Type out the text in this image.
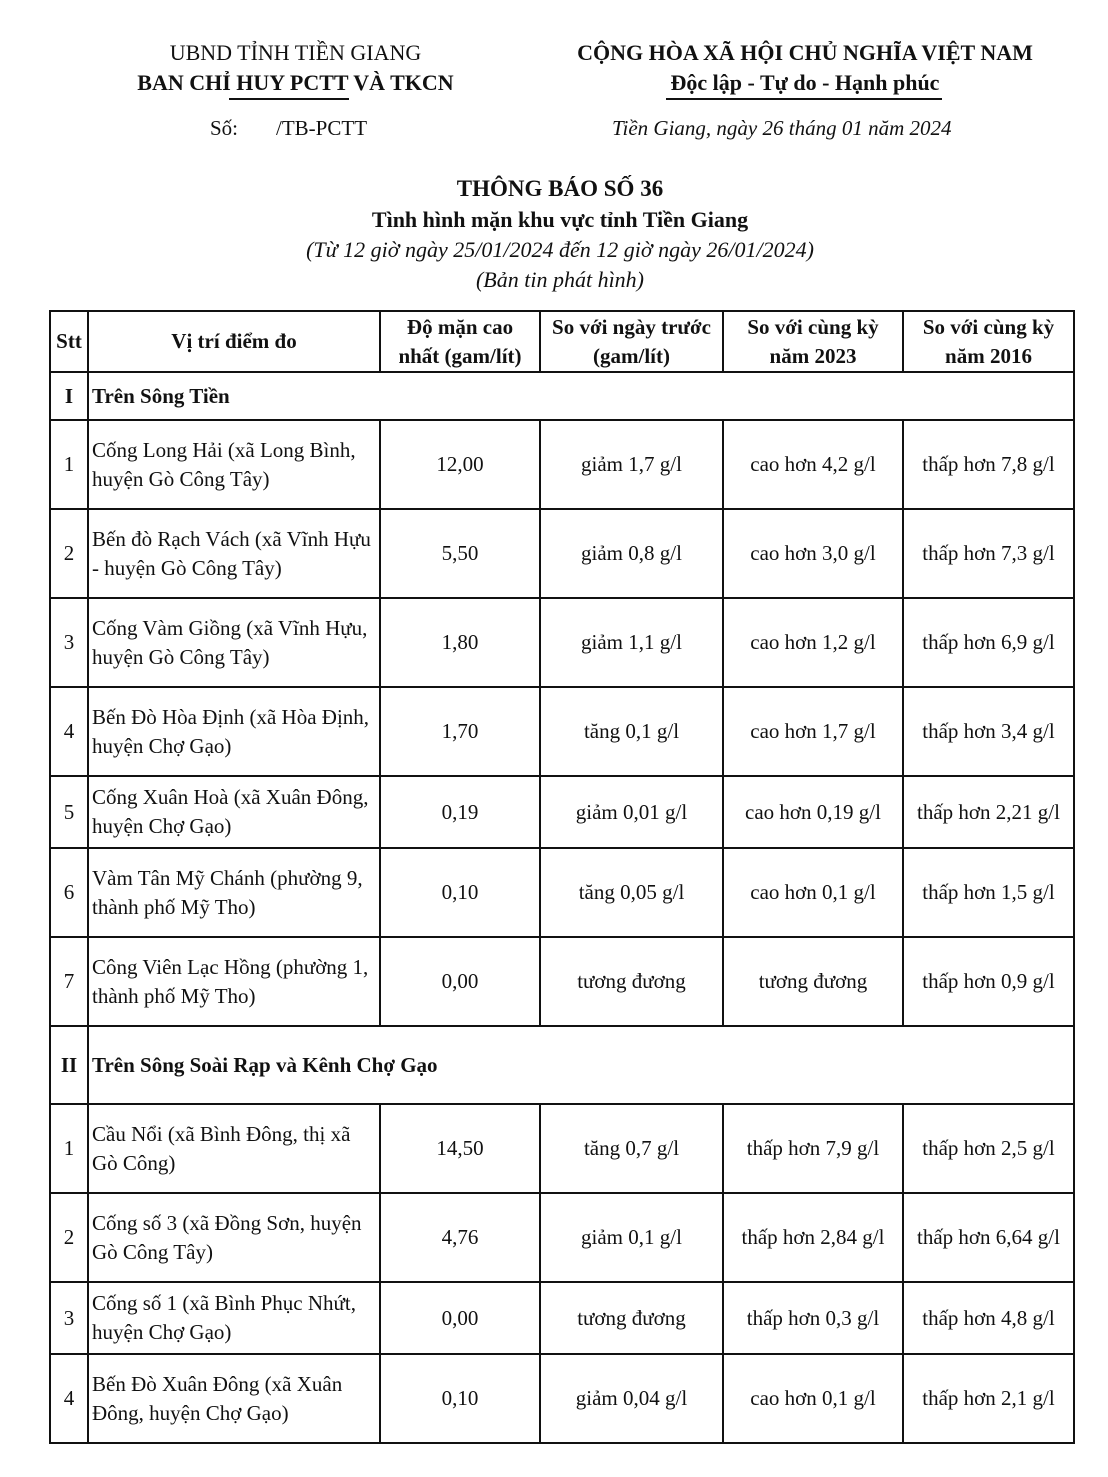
UBND TỈNH TIỀN GIANG
BAN CHỈ HUY PCTT VÀ TKCN
CỘNG HÒA XÃ HỘI CHỦ NGHĨA VIỆT NAM
Độc lập - Tự do - Hạnh phúc
Số: /TB-PCTT	Tiền Giang, ngày 26 tháng 01 năm 2024
THÔNG BÁO SỐ 36
Tình hình mặn khu vực tỉnh Tiền Giang
(Từ 12 giờ ngày 25/01/2024 đến 12 giờ ngày 26/01/2024)
(Bản tin phát hình)
Stt	Vị trí điểm đo	Độ mặn cao nhất (gam/lít)	So với ngày trước (gam/lít)	So với cùng kỳ năm 2023	So với cùng kỳ năm 2016
I	Trên Sông Tiền				
1	Cống Long Hải (xã Long Bình, huyện Gò Công Tây)	12,00	giảm 1,7 g/l	cao hơn 4,2 g/l	thấp hơn 7,8 g/l
2	Bến đò Rạch Vách (xã Vĩnh Hựu - huyện Gò Công Tây)	5,50	giảm 0,8 g/l	cao hơn 3,0 g/l	thấp hơn 7,3 g/l
3	Cống Vàm Giồng (xã Vĩnh Hựu, huyện Gò Công Tây)	1,80	giảm 1,1 g/l	cao hơn 1,2 g/l	thấp hơn 6,9 g/l
4	Bến Đò Hòa Định (xã Hòa Định, huyện Chợ Gạo)	1,70	tăng 0,1 g/l	cao hơn 1,7 g/l	thấp hơn 3,4 g/l
5	Cống Xuân Hoà (xã Xuân Đông, huyện Chợ Gạo)	0,19	giảm 0,01 g/l	cao hơn 0,19 g/l	thấp hơn 2,21 g/l
6	Vàm Tân Mỹ Chánh (phường 9, thành phố Mỹ Tho)	0,10	tăng 0,05 g/l	cao hơn 0,1 g/l	thấp hơn 1,5 g/l
7	Công Viên Lạc Hồng (phường 1, thành phố Mỹ Tho)	0,00	tương đương	tương đương	thấp hơn 0,9 g/l
II	Trên Sông Soài Rạp và Kênh Chợ Gạo				
1	Cầu Nổi (xã Bình Đông, thị xã Gò Công)	14,50	tăng 0,7 g/l	thấp hơn 7,9 g/l	thấp hơn 2,5 g/l
2	Cống số 3 (xã Đồng Sơn, huyện Gò Công Tây)	4,76	giảm 0,1 g/l	thấp hơn 2,84 g/l	thấp hơn 6,64 g/l
3	Cống số 1 (xã Bình Phục Nhứt, huyện Chợ Gạo)	0,00	tương đương	thấp hơn 0,3 g/l	thấp hơn 4,8 g/l
4	Bến Đò Xuân Đông (xã Xuân Đông, huyện Chợ Gạo)	0,10	giảm 0,04 g/l	cao hơn 0,1 g/l	thấp hơn 2,1 g/l
